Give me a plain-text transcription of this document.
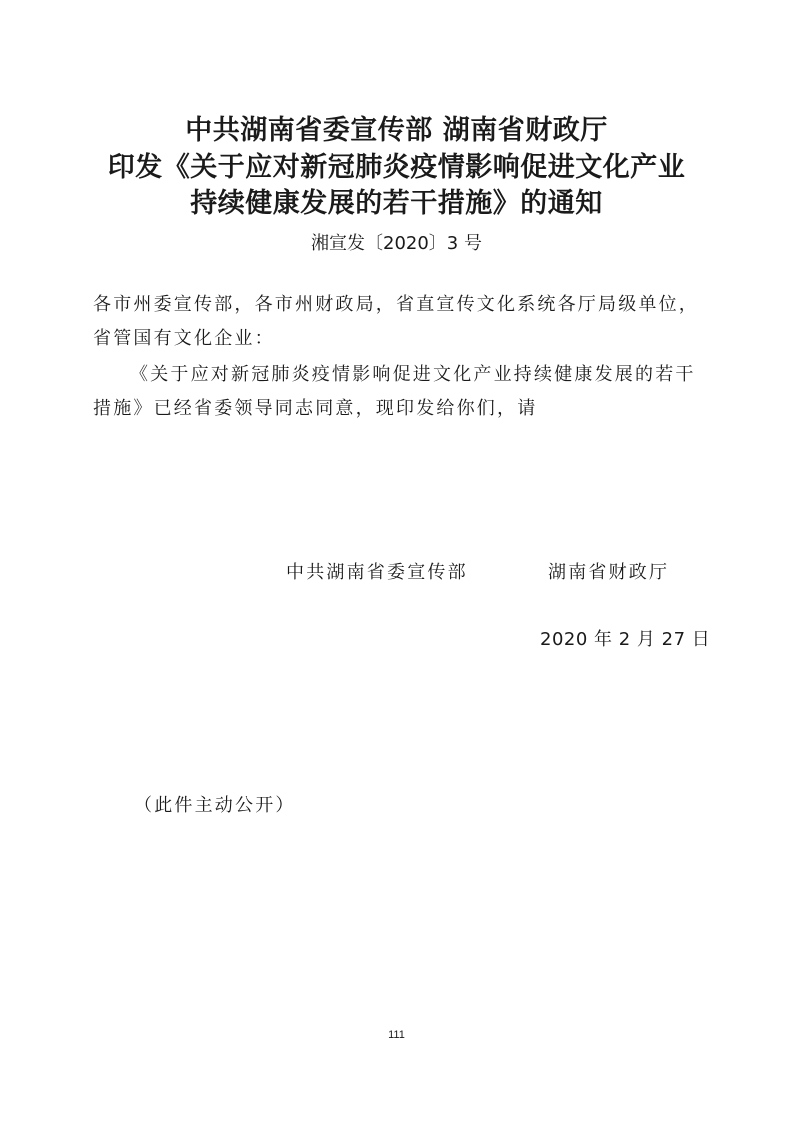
中共湖南省委宣传部 湖南省财政厅
印发《关于应对新冠肺炎疫情影响促进文化产业
持续健康发展的若干措施》的通知
湘宣发〔2020〕3 号
各市州委宣传部，各市州财政局，省直宣传文化系统各厅局级单位，
省管国有文化企业：
《关于应对新冠肺炎疫情影响促进文化产业持续健康发展的若干
措施》已经省委领导同志同意，现印发给你们，请
中共湖南省委宣传部	湖南省财政厅
2020 年 2 月 27 日
（此件主动公开）
111
